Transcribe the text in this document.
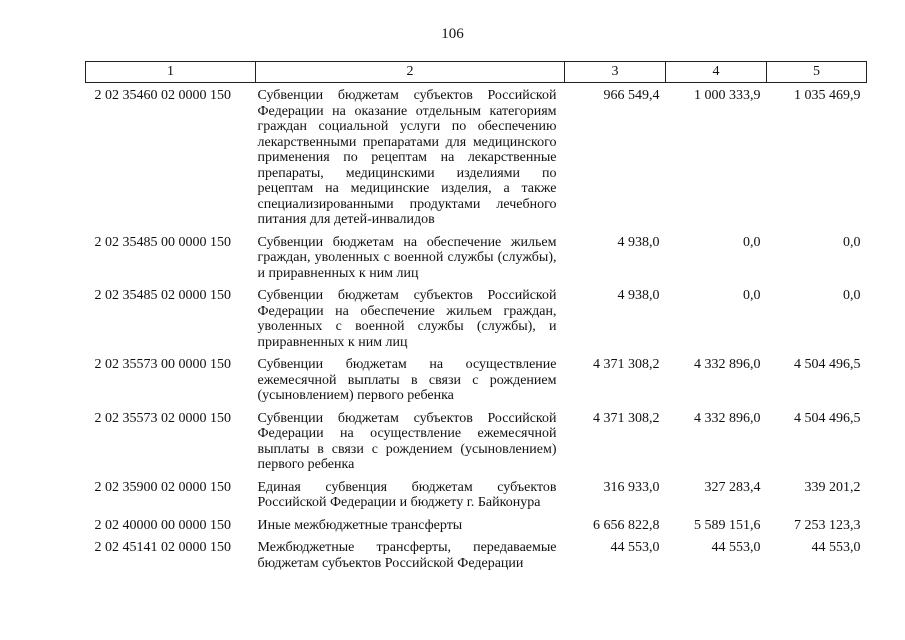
106
1	2	3	4	5
2 02 35460 02 0000 150	Субвенции бюджетам субъектов Российской Федерации на оказание отдельным категориям граждан социальной услуги по обеспечению лекарственными препаратами для медицинского применения по рецептам на лекарственные препараты, медицинскими изделиями по рецептам на медицинские изделия, а также специализированными продуктами лечебного питания для детей-инвалидов	966 549,4	1 000 333,9	1 035 469,9
2 02 35485 00 0000 150	Субвенции бюджетам на обеспечение жильем граждан, уволенных с военной службы (службы), и приравненных к ним лиц	4 938,0	0,0	0,0
2 02 35485 02 0000 150	Субвенции бюджетам субъектов Российской Федерации на обеспечение жильем граждан, уволенных с военной службы (службы), и приравненных к ним лиц	4 938,0	0,0	0,0
2 02 35573 00 0000 150	Субвенции бюджетам на осуществление ежемесячной выплаты в связи с рождением (усыновлением) первого ребенка	4 371 308,2	4 332 896,0	4 504 496,5
2 02 35573 02 0000 150	Субвенции бюджетам субъектов Российской Федерации на осуществление ежемесячной выплаты в связи с рождением (усыновлением) первого ребенка	4 371 308,2	4 332 896,0	4 504 496,5
2 02 35900 02 0000 150	Единая субвенция бюджетам субъектов Российской Федерации и бюджету г. Байконура	316 933,0	327 283,4	339 201,2
2 02 40000 00 0000 150	Иные межбюджетные трансферты	6 656 822,8	5 589 151,6	7 253 123,3
2 02 45141 02 0000 150	Межбюджетные трансферты, передаваемые бюджетам субъектов Российской Федерации	44 553,0	44 553,0	44 553,0
